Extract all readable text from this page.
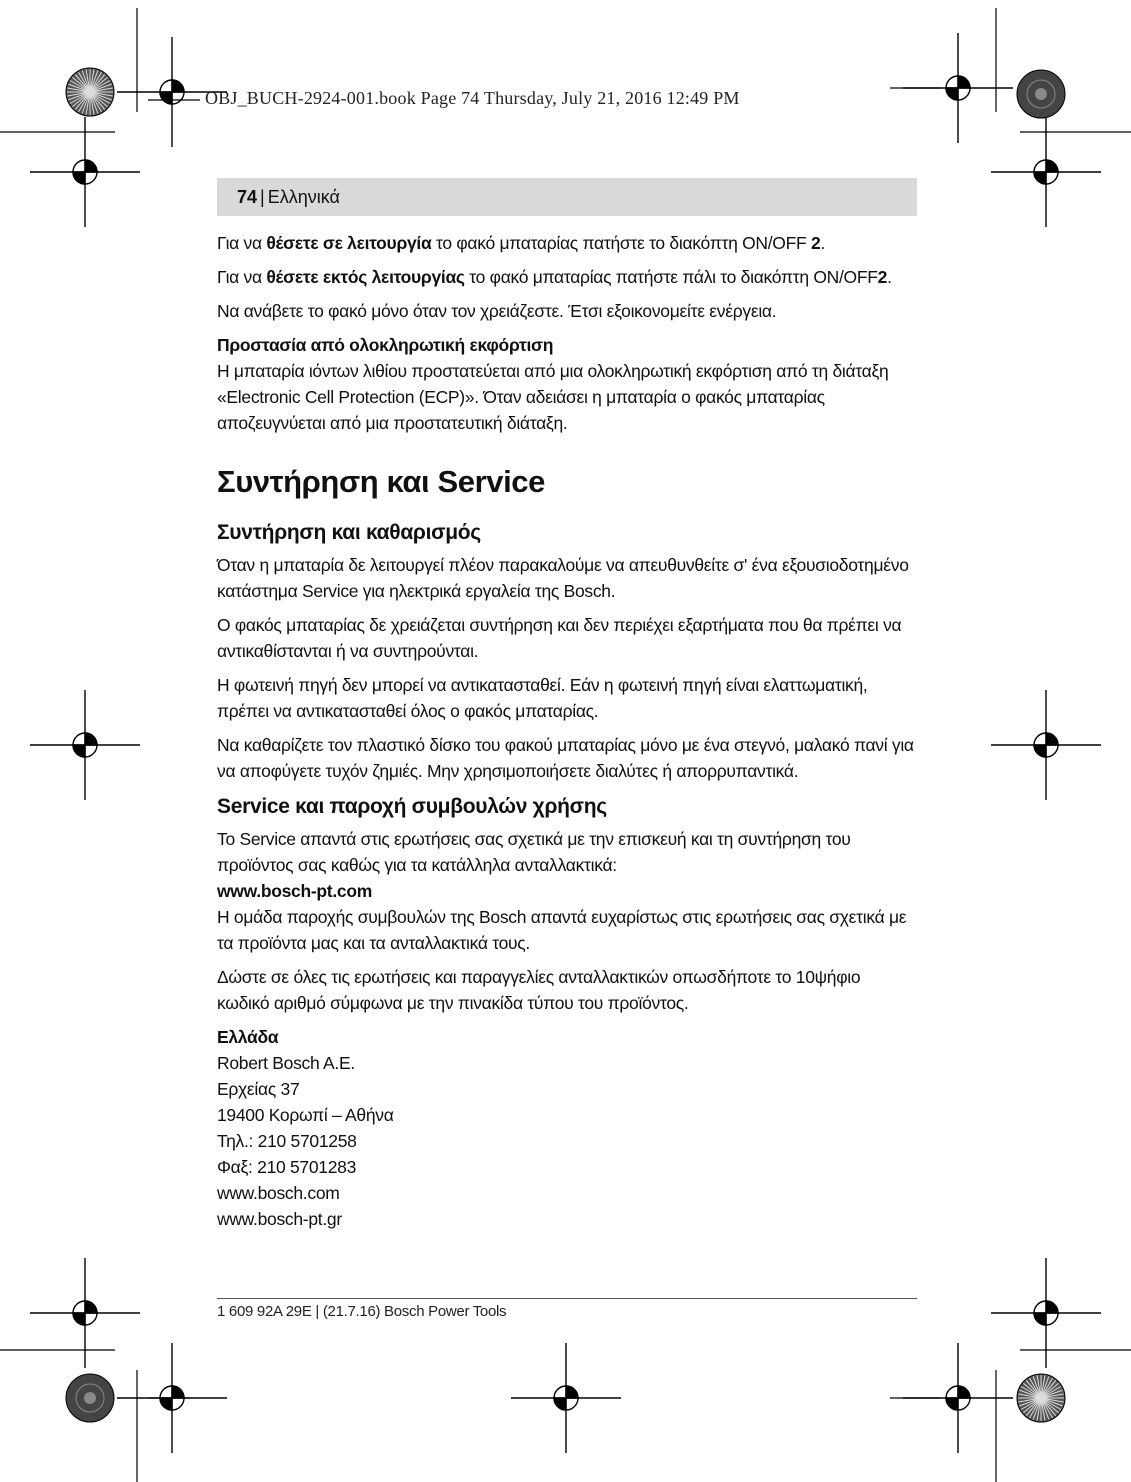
OBJ_BUCH-2924-001.book Page 74 Thursday, July 21, 2016 12:49 PM
74 | Ελληνικά

Για να θέσετε σε λειτουργία το φακό μπαταρίας πατήστε το διακόπτη ON/OFF 2.

Για να θέσετε εκτός λειτουργίας το φακό μπαταρίας πατήστε πάλι το διακόπτη ON/OFF2.

Να ανάβετε το φακό μόνο όταν τον χρειάζεστε. Έτσι εξοικονομείτε ενέργεια.

Προστασία από ολοκληρωτική εκφόρτιση

Η μπαταρία ιόντων λιθίου προστατεύεται από μια ολοκληρωτική εκφόρτιση από τη διάταξη «Electronic Cell Protection (ECP)». Όταν αδειάσει η μπαταρία ο φακός μπαταρίας αποζευγνύεται από μια προστατευτική διάταξη.

Συντήρηση και Service
Συντήρηση και καθαρισμός

Όταν η μπαταρία δε λειτουργεί πλέον παρακαλούμε να απευθυνθείτε σ' ένα εξουσιοδοτημένο κατάστημα Service για ηλεκτρικά εργαλεία της Bosch.

Ο φακός μπαταρίας δε χρειάζεται συντήρηση και δεν περιέχει εξαρτήματα που θα πρέπει να αντικαθίστανται ή να συντηρούνται.

Η φωτεινή πηγή δεν μπορεί να αντικατασταθεί. Εάν η φωτεινή πηγή είναι ελαττωματική, πρέπει να αντικατασταθεί όλος ο φακός μπαταρίας.

Να καθαρίζετε τον πλαστικό δίσκο του φακού μπαταρίας μόνο με ένα στεγνό, μαλακό πανί για να αποφύγετε τυχόν ζημιές. Μην χρησιμοποιήσετε διαλύτες ή απορρυπαντικά.

Service και παροχή συμβουλών χρήσης

Το Service απαντά στις ερωτήσεις σας σχετικά με την επισκευή και τη συντήρηση του προϊόντος σας καθώς για τα κατάλληλα ανταλλακτικά:

www.bosch-pt.com

Η ομάδα παροχής συμβουλών της Bosch απαντά ευχαρίστως στις ερωτήσεις σας σχετικά με τα προϊόντα μας και τα ανταλλακτικά τους.

Δώστε σε όλες τις ερωτήσεις και παραγγελίες ανταλλακτικών οπωσδήποτε το 10ψήφιο κωδικό αριθμό σύμφωνα με την πινακίδα τύπου του προϊόντος.

Ελλάδα
Robert Bosch A.E.
Ερχείας 37
19400 Κορωπί – Αθήνα
Τηλ.: 210 5701258
Φαξ: 210 5701283
www.bosch.com
www.bosch-pt.gr
1 609 92A 29E | (21.7.16) Bosch Power Tools
